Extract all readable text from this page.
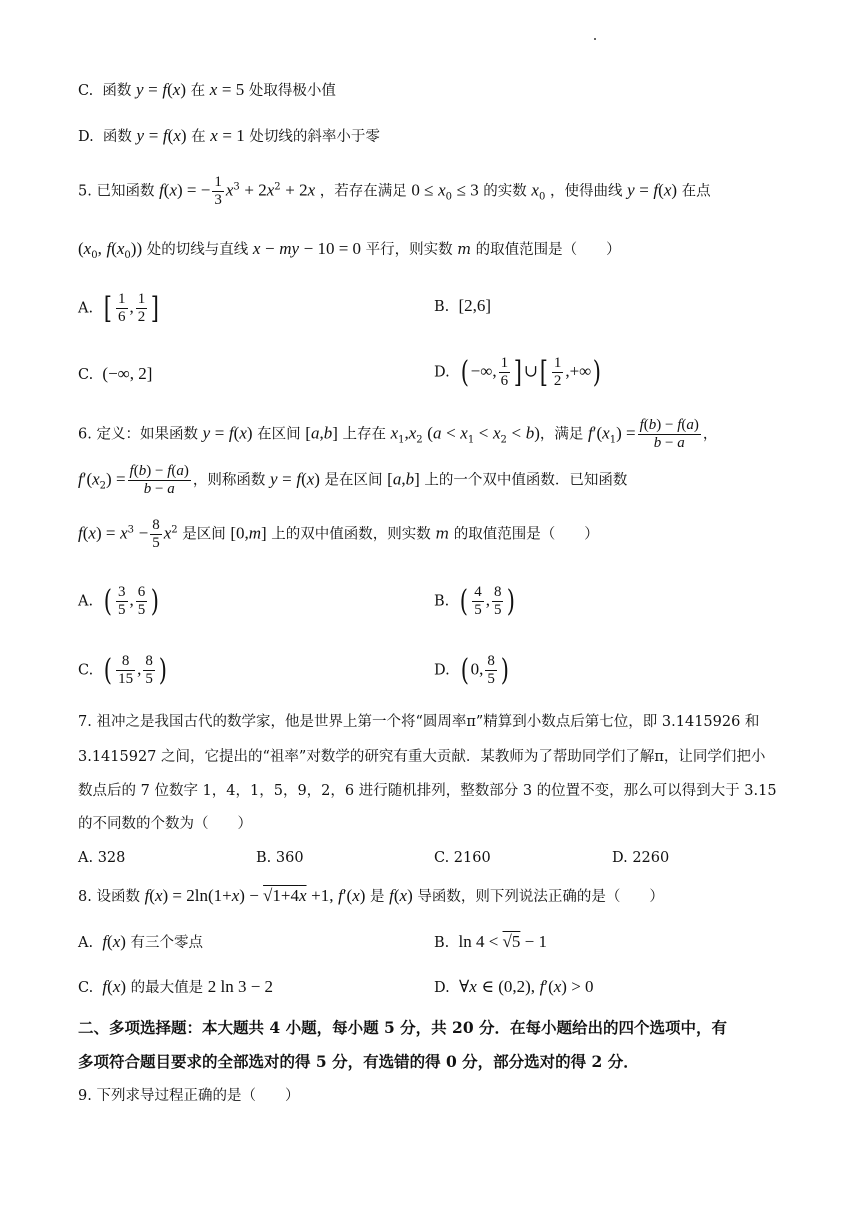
C.  函数 y = f(x) 在 x = 5 处取得极小值
D.  函数 y = f(x) 在 x = 1 处切线的斜率小于零
5. 已知函数 f(x) = − $\frac{1}{3} x^3 + 2x^2 + 2x$ ，若存在满足 $0 \le x_0 \le 3$ 的实数 $x_0$ ，使得曲线 y = f(x) 在点
($x_0$, $f(x_0)$) 处的切线与直线 x − my − 10 = 0 平行，则实数 m 的取值范围是（　　）
A.  [ $\frac{1}{6}$ , $\frac{1}{2}$ ]	B.  [2,6]
C.  (−∞, 2]	D.  ( −∞, $\frac{1}{6}$ ] ∪[ $\frac{1}{2}$ ,+∞)
6. 定义：如果函数 y = f(x) 在区间 [a,b] 上存在 $x_1,x_2$ $(a < x_1 < x_2 < b)$，满足 $f'(x_1) = \frac{f(b) - f(a)}{b - a}$ ，
$f'(x_2) = \frac{f(b) - f(a)}{b - a}$ ，则称函数 y = f(x) 是在区间 [a,b] 上的一个双中值函数．已知函数
$f(x) = x^3 - \frac{8}{5} x^2$ 是区间 [0,m] 上的双中值函数，则实数 m 的取值范围是（　　）
A.  ( $\frac{3}{5}$ , $\frac{6}{5}$ )	B.  ( $\frac{4}{5}$ , $\frac{8}{5}$ )
C.  ( $\frac{8}{15}$ , $\frac{8}{5}$ )	D.  ( 0, $\frac{8}{5}$ )
7. 祖冲之是我国古代的数学家，他是世界上第一个将“圆周率π”精算到小数点后第七位，即 3.1415926 和
3.1415927 之间，它提出的“祖率”对数学的研究有重大贡献．某教师为了帮助同学们了解π，让同学们把小
数点后的 7 位数字 1，4，1，5，9，2，6 进行随机排列，整数部分 3 的位置不变，那么可以得到大于 3.15
的不同数的个数为（　　）
A. 328	B. 360	C. 2160	D. 2260
8. 设函数 f(x) = 2ln(1+x) − √1+4x +1, f′(x) 是 f(x) 导函数，则下列说法正确的是（　　）
A.  f(x) 有三个零点	B.  ln 4 < √5 − 1
C.  f(x) 的最大值是 2 ln 3 − 2	D.  ∀x ∈ (0,2), f′(x) > 0
二、多项选择题：本大题共 4 小题，每小题 5 分，共 20 分．在每小题给出的四个选项中，有
多项符合题目要求的全部选对的得 5 分，有选错的得 0 分，部分选对的得 2 分．
9. 下列求导过程正确的是（　　）
